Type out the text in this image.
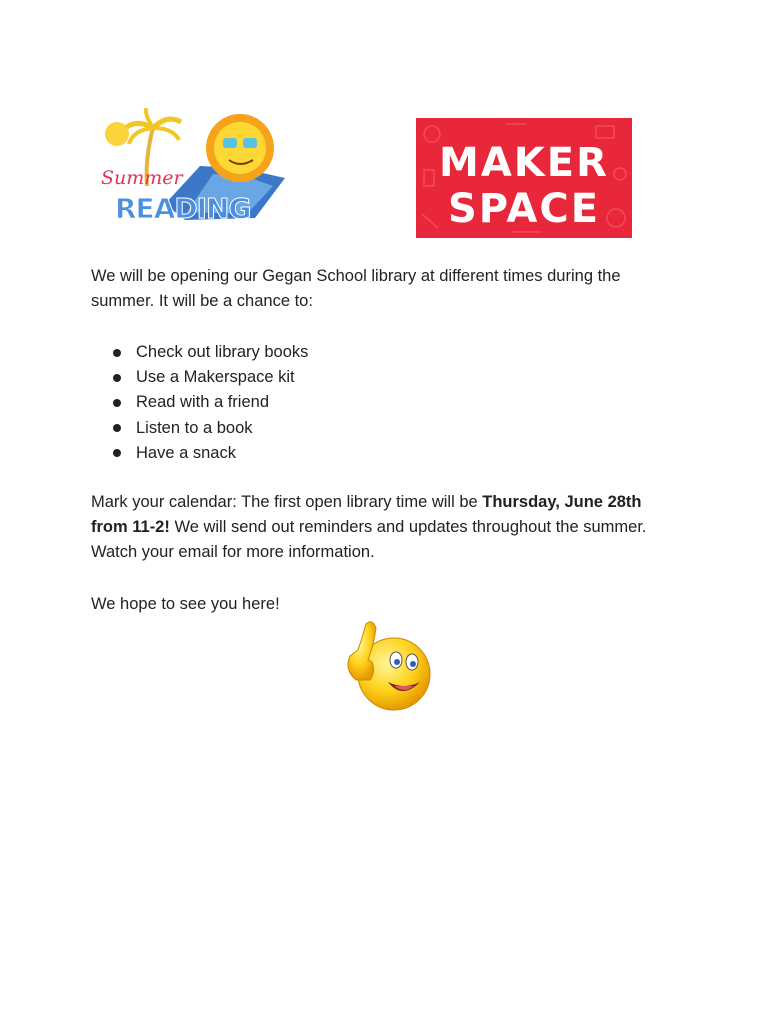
Summer
READING
MAKER
SPACE

We will be opening our Gegan School library at different times during the summer. It will be a chance to:

Check out library books
Use a Makerspace kit
Read with a friend
Listen to a book
Have a snack

Mark your calendar: The first open library time will be Thursday, June 28th from 11-2! We will send out reminders and updates throughout the summer. Watch your email for more information.

We hope to see you here!
